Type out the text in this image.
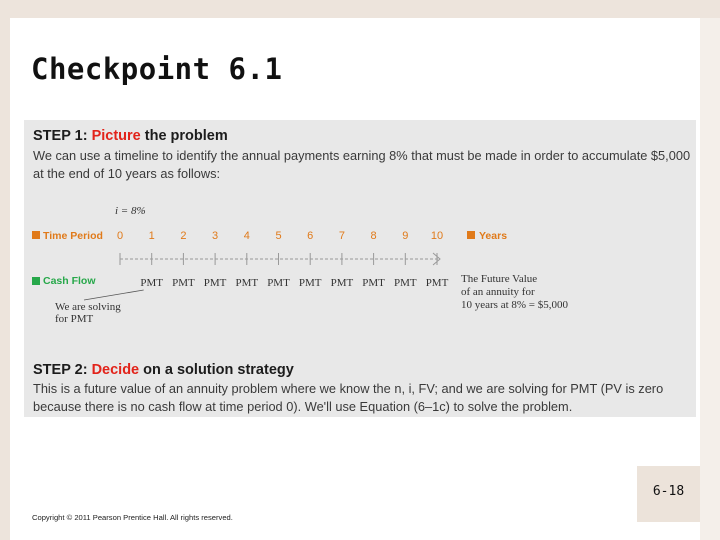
Checkpoint 6.1
STEP 1: Picture the problem

We can use a timeline to identify the annual payments earning 8% that must be made in order to accumulate $5,000 at the end of 10 years as follows:

i = 8%
Time Period 0 1 2 3 4 5 6 7 8 9 10	Years
Cash Flow	PMT PMT PMT PMT PMT PMT PMT PMT PMT PMT
We are solving
for PMT
The Future Value
of an annuity for
10 years at 8% = $5,000
STEP 2: Decide on a solution strategy

This is a future value of an annuity problem where we know the n, i, FV; and we are solving for PMT (PV is zero because there is no cash flow at time period 0). We'll use Equation (6–1c) to solve the problem.

Copyright © 2011 Pearson Prentice Hall. All rights reserved.
6-18
